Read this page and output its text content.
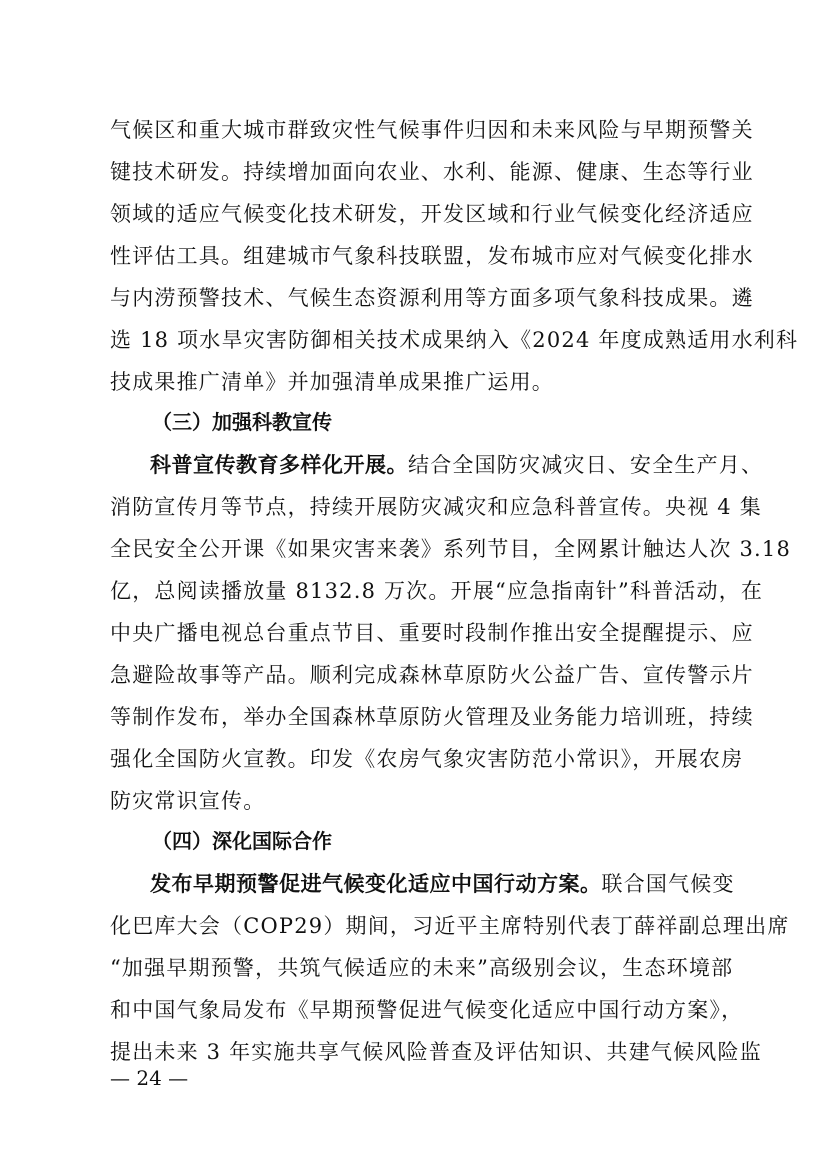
气候区和重大城市群致灾性气候事件归因和未来风险与早期预警关
键技术研发。持续增加面向农业、水利、能源、健康、生态等行业
领域的适应气候变化技术研发，开发区域和行业气候变化经济适应
性评估工具。组建城市气象科技联盟，发布城市应对气候变化排水
与内涝预警技术、气候生态资源利用等方面多项气象科技成果。遴
选 18 项水旱灾害防御相关技术成果纳入《2024 年度成熟适用水利科
技成果推广清单》并加强清单成果推广运用。
（三）加强科教宣传
科普宣传教育多样化开展。结合全国防灾减灾日、安全生产月、
消防宣传月等节点，持续开展防灾减灾和应急科普宣传。央视 4 集
全民安全公开课《如果灾害来袭》系列节目，全网累计触达人次 3.18
亿，总阅读播放量 8132.8 万次。开展“应急指南针”科普活动，在
中央广播电视总台重点节目、重要时段制作推出安全提醒提示、应
急避险故事等产品。顺利完成森林草原防火公益广告、宣传警示片
等制作发布，举办全国森林草原防火管理及业务能力培训班，持续
强化全国防火宣教。印发《农房气象灾害防范小常识》，开展农房
防灾常识宣传。
（四）深化国际合作
发布早期预警促进气候变化适应中国行动方案。联合国气候变
化巴库大会（COP29）期间，习近平主席特别代表丁薛祥副总理出席
“加强早期预警，共筑气候适应的未来”高级别会议，生态环境部
和中国气象局发布《早期预警促进气候变化适应中国行动方案》，
提出未来 3 年实施共享气候风险普查及评估知识、共建气候风险监
— 24 —
